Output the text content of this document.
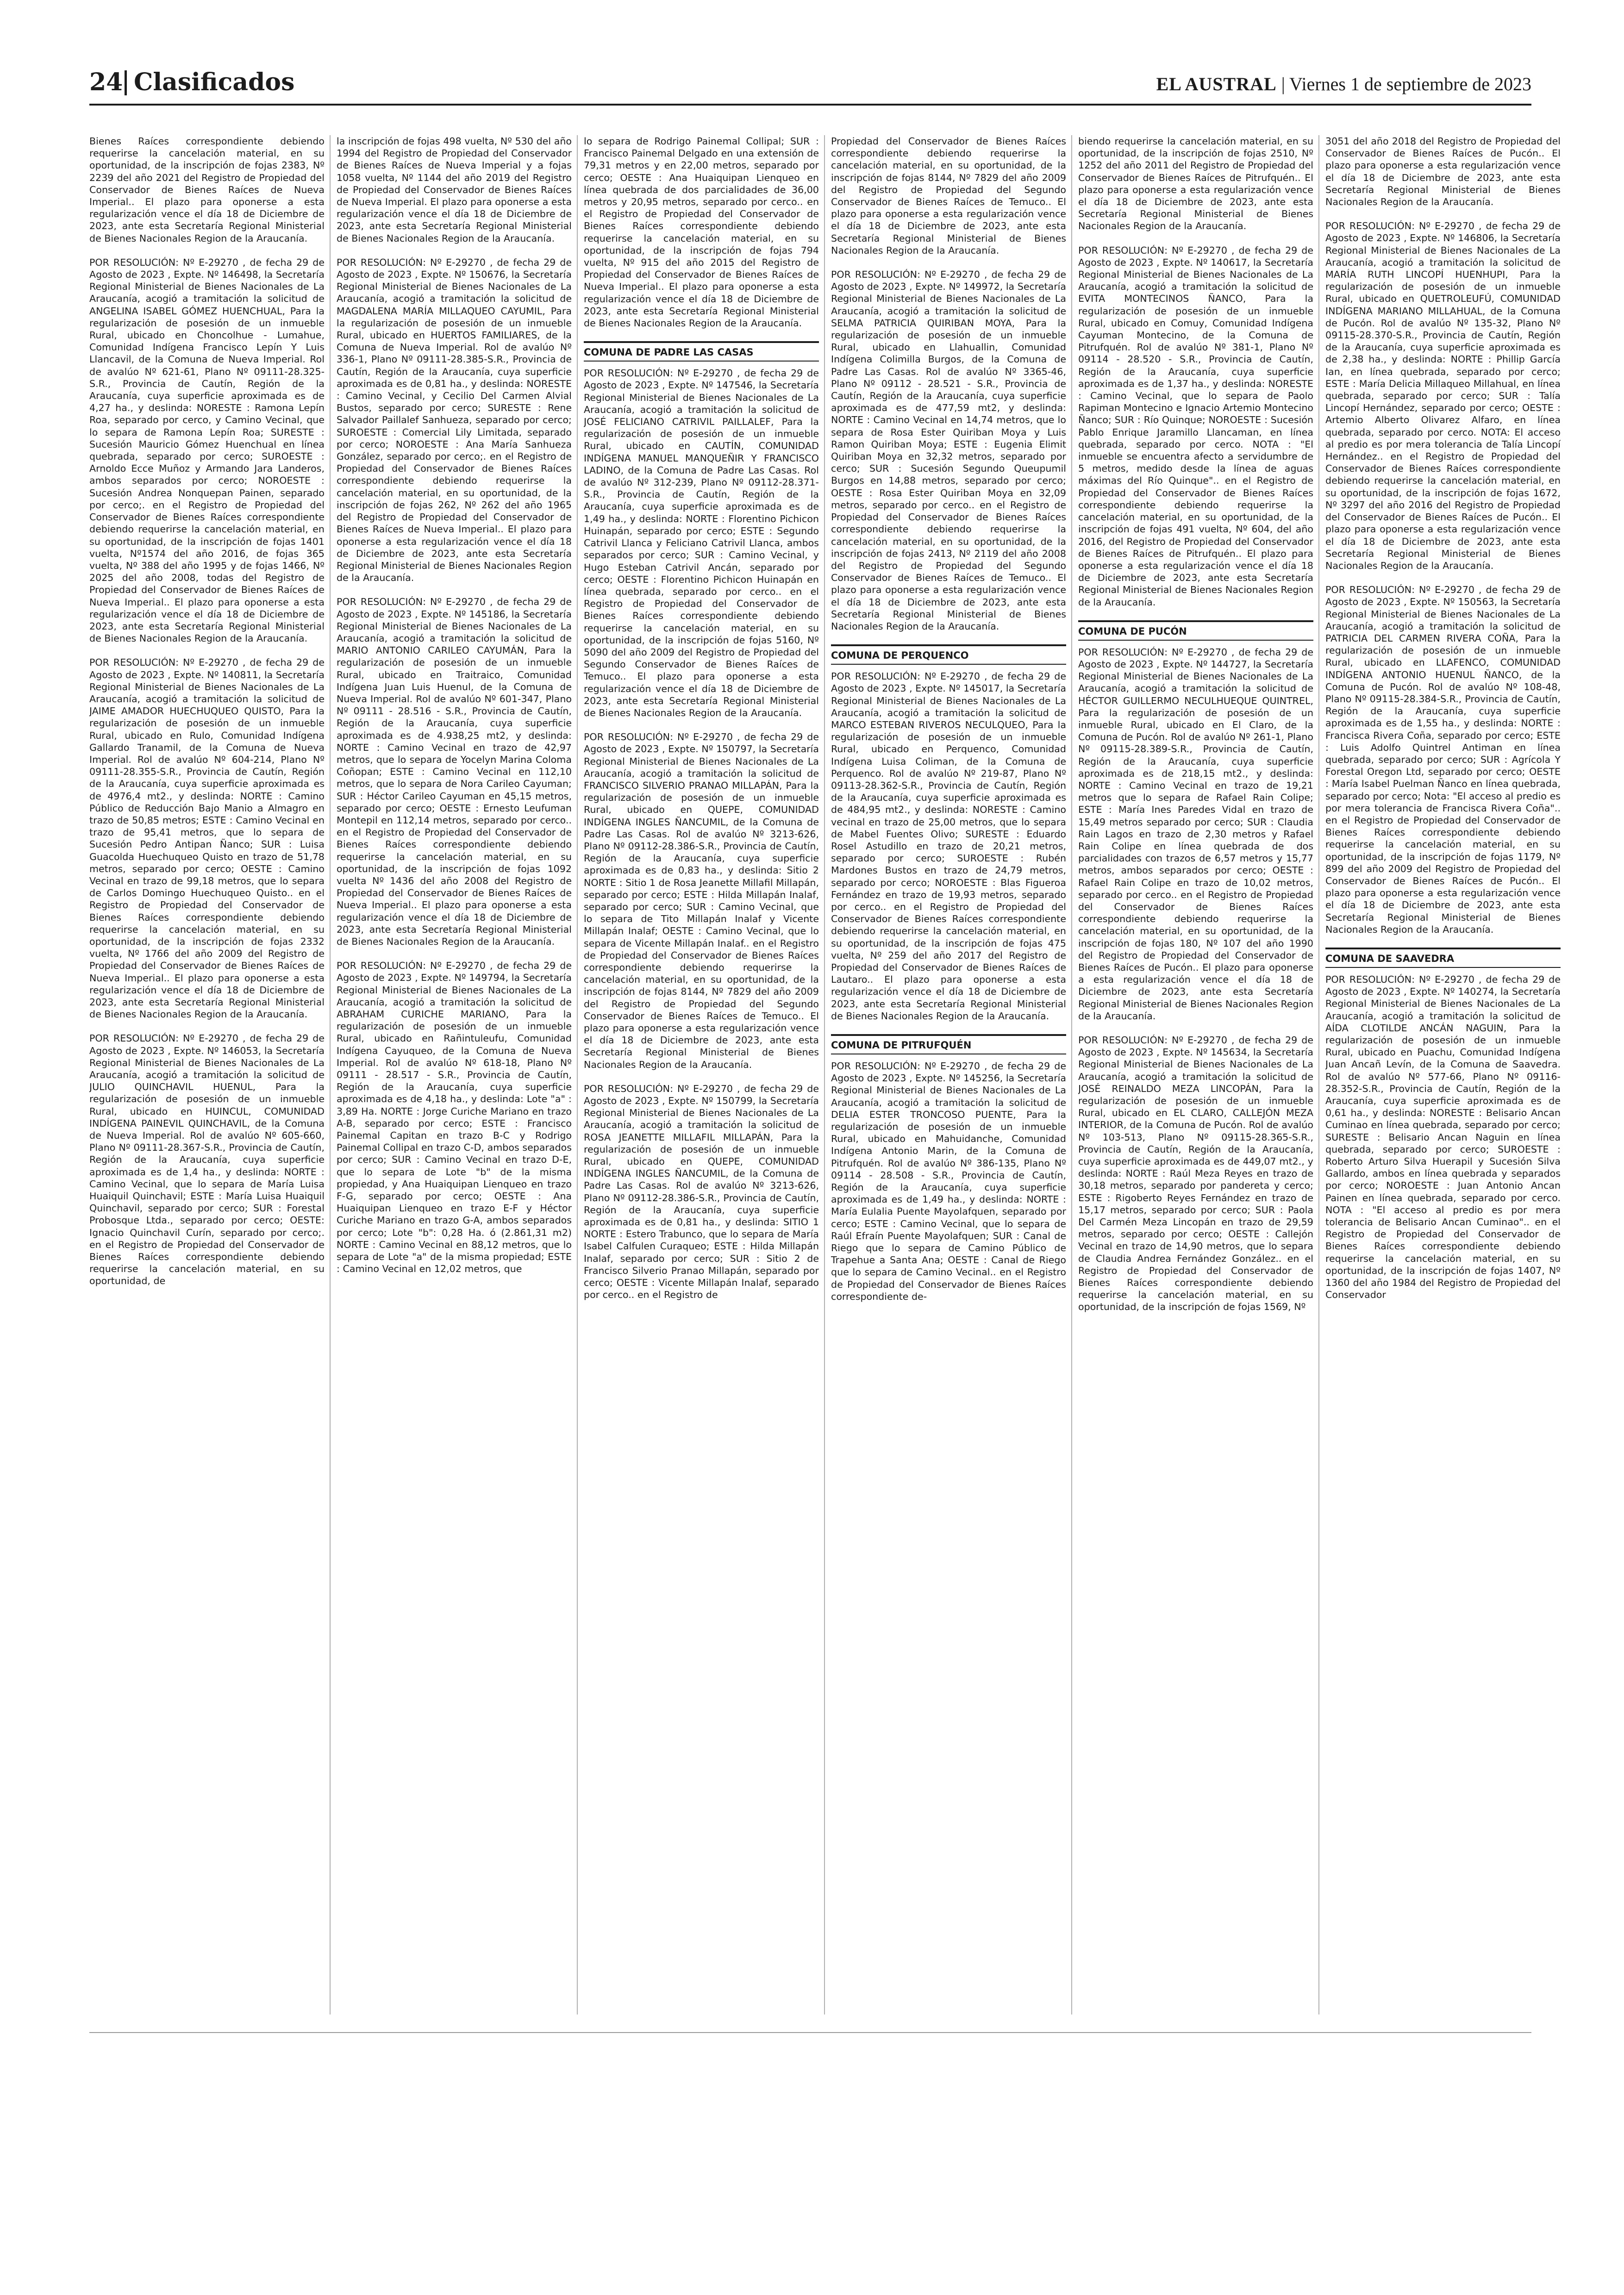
24 Clasificados	EL AUSTRAL | Viernes 1 de septiembre de 2023

Bienes Raíces correspondiente debiendo requerirse la cancelación material, en su oportunidad, de la inscripción de fojas 2383, Nº 2239 del año 2021 del Registro de Propiedad del Conservador de Bienes Raíces de Nueva Imperial.. El plazo para oponerse a esta regularización vence el día 18 de Diciembre de 2023, ante esta Secretaría Regional Ministerial de Bienes Nacionales Region de la Araucanía.

POR RESOLUCIÓN: Nº E-29270 , de fecha 29 de Agosto de 2023 , Expte. Nº 146498, la Secretaría Regional Ministerial de Bienes Nacionales de La Araucanía, acogió a tramitación la solicitud de ANGELINA ISABEL GÓMEZ HUENCHUAL, Para la regularización de posesión de un inmueble Rural, ubicado en Choncolhue - Lumahue, Comunidad Indígena Francisco Lepín Y Luis Llancavil, de la Comuna de Nueva Imperial. Rol de avalúo Nº 621-61, Plano Nº 09111-28.325-S.R., Provincia de Cautín, Región de la Araucanía, cuya superficie aproximada es de 4,27 ha., y deslinda: NORESTE : Ramona Lepín Roa, separado por cerco, y Camino Vecinal, que lo separa de Ramona Lepín Roa; SURESTE : Sucesión Mauricio Gómez Huenchual en línea quebrada, separado por cerco; SUROESTE : Arnoldo Ecce Muñoz y Armando Jara Landeros, ambos separados por cerco; NOROESTE : Sucesión Andrea Nonquepan Painen, separado por cerco;. en el Registro de Propiedad del Conservador de Bienes Raíces correspondiente debiendo requerirse la cancelación material, en su oportunidad, de la inscripción de fojas 1401 vuelta, Nº1574 del año 2016, de fojas 365 vuelta, Nº 388 del año 1995 y de fojas 1466, Nº 2025 del año 2008, todas del Registro de Propiedad del Conservador de Bienes Raíces de Nueva Imperial.. El plazo para oponerse a esta regularización vence el día 18 de Diciembre de 2023, ante esta Secretaría Regional Ministerial de Bienes Nacionales Region de la Araucanía.

POR RESOLUCIÓN: Nº E-29270 , de fecha 29 de Agosto de 2023 , Expte. Nº 140811, la Secretaría Regional Ministerial de Bienes Nacionales de La Araucanía, acogió a tramitación la solicitud de JAIME AMADOR HUECHUQUEO QUISTO, Para la regularización de posesión de un inmueble Rural, ubicado en Rulo, Comunidad Indígena Gallardo Tranamil, de la Comuna de Nueva Imperial. Rol de avalúo Nº 604-214, Plano Nº 09111-28.355-S.R., Provincia de Cautín, Región de la Araucanía, cuya superficie aproximada es de 4976,4 mt2., y deslinda: NORTE : Camino Público de Reducción Bajo Manio a Almagro en trazo de 50,85 metros; ESTE : Camino Vecinal en trazo de 95,41 metros, que lo separa de Sucesión Pedro Antipan Ñanco; SUR : Luisa Guacolda Huechuqueo Quisto en trazo de 51,78 metros, separado por cerco; OESTE : Camino Vecinal en trazo de 99,18 metros, que lo separa de Carlos Domingo Huechuqueo Quisto.. en el Registro de Propiedad del Conservador de Bienes Raíces correspondiente debiendo requerirse la cancelación material, en su oportunidad, de la inscripción de fojas 2332 vuelta, Nº 1766 del año 2009 del Registro de Propiedad del Conservador de Bienes Raíces de Nueva Imperial.. El plazo para oponerse a esta regularización vence el día 18 de Diciembre de 2023, ante esta Secretaría Regional Ministerial de Bienes Nacionales Region de la Araucanía.

POR RESOLUCIÓN: Nº E-29270 , de fecha 29 de Agosto de 2023 , Expte. Nº 146053, la Secretaría Regional Ministerial de Bienes Nacionales de La Araucanía, acogió a tramitación la solicitud de JULIO QUINCHAVIL HUENUL, Para la regularización de posesión de un inmueble Rural, ubicado en HUINCUL, COMUNIDAD INDÍGENA PAINEVIL QUINCHAVIL, de la Comuna de Nueva Imperial. Rol de avalúo Nº 605-660, Plano Nº 09111-28.367-S.R., Provincia de Cautín, Región de la Araucanía, cuya superficie aproximada es de 1,4 ha., y deslinda: NORTE : Camino Vecinal, que lo separa de María Luisa Huaiquil Quinchavil; ESTE : María Luisa Huaiquil Quinchavil, separado por cerco; SUR : Forestal Probosque Ltda., separado por cerco; OESTE: Ignacio Quinchavil Curín, separado por cerco;. en el Registro de Propiedad del Conservador de Bienes Raíces correspondiente debiendo requerirse la cancelación material, en su oportunidad, de

la inscripción de fojas 498 vuelta, Nº 530 del año 1994 del Registro de Propiedad del Conservador de Bienes Raíces de Nueva Imperial y a fojas 1058 vuelta, Nº 1144 del año 2019 del Registro de Propiedad del Conservador de Bienes Raíces de Nueva Imperial. El plazo para oponerse a esta regularización vence el día 18 de Diciembre de 2023, ante esta Secretaría Regional Ministerial de Bienes Nacionales Region de la Araucanía.

POR RESOLUCIÓN: Nº E-29270 , de fecha 29 de Agosto de 2023 , Expte. Nº 150676, la Secretaría Regional Ministerial de Bienes Nacionales de La Araucanía, acogió a tramitación la solicitud de MAGDALENA MARÍA MILLAQUEO CAYUMIL, Para la regularización de posesión de un inmueble Rural, ubicado en HUERTOS FAMILIARES, de la Comuna de Nueva Imperial. Rol de avalúo Nº 336-1, Plano Nº 09111-28.385-S.R., Provincia de Cautín, Región de la Araucanía, cuya superficie aproximada es de 0,81 ha., y deslinda: NORESTE : Camino Vecinal, y Cecilio Del Carmen Alvial Bustos, separado por cerco; SURESTE : Rene Salvador Paillalef Sanhueza, separado por cerco; SUROESTE : Comercial Lily Limitada, separado por cerco; NOROESTE : Ana María Sanhueza González, separado por cerco;. en el Registro de Propiedad del Conservador de Bienes Raíces correspondiente debiendo requerirse la cancelación material, en su oportunidad, de la inscripción de fojas 262, Nº 262 del año 1965 del Registro de Propiedad del Conservador de Bienes Raíces de Nueva Imperial.. El plazo para oponerse a esta regularización vence el día 18 de Diciembre de 2023, ante esta Secretaría Regional Ministerial de Bienes Nacionales Region de la Araucanía.

POR RESOLUCIÓN: Nº E-29270 , de fecha 29 de Agosto de 2023 , Expte. Nº 145186, la Secretaría Regional Ministerial de Bienes Nacionales de La Araucanía, acogió a tramitación la solicitud de MARIO ANTONIO CARILEO CAYUMÁN, Para la regularización de posesión de un inmueble Rural, ubicado en Traitraico, Comunidad Indígena Juan Luis Huenul, de la Comuna de Nueva Imperial. Rol de avalúo Nº 601-347, Plano Nº 09111 - 28.516 - S.R., Provincia de Cautín, Región de la Araucanía, cuya superficie aproximada es de 4.938,25 mt2, y deslinda: NORTE : Camino Vecinal en trazo de 42,97 metros, que lo separa de Yocelyn Marina Coloma Coñopan; ESTE : Camino Vecinal en 112,10 metros, que lo separa de Nora Carileo Cayuman; SUR : Héctor Carileo Cayuman en 45,15 metros, separado por cerco; OESTE : Ernesto Leufuman Montepil en 112,14 metros, separado por cerco.. en el Registro de Propiedad del Conservador de Bienes Raíces correspondiente debiendo requerirse la cancelación material, en su oportunidad, de la inscripción de fojas 1092 vuelta Nº 1436 del año 2008 del Registro de Propiedad del Conservador de Bienes Raíces de Nueva Imperial.. El plazo para oponerse a esta regularización vence el día 18 de Diciembre de 2023, ante esta Secretaría Regional Ministerial de Bienes Nacionales Region de la Araucanía.

POR RESOLUCIÓN: Nº E-29270 , de fecha 29 de Agosto de 2023 , Expte. Nº 149794, la Secretaría Regional Ministerial de Bienes Nacionales de La Araucanía, acogió a tramitación la solicitud de ABRAHAM CURICHE MARIANO, Para la regularización de posesión de un inmueble Rural, ubicado en Rañintuleufu, Comunidad Indígena Cayuqueo, de la Comuna de Nueva Imperial. Rol de avalúo Nº 618-18, Plano Nº 09111 - 28.517 - S.R., Provincia de Cautín, Región de la Araucanía, cuya superficie aproximada es de 4,18 ha., y deslinda: Lote "a" : 3,89 Ha. NORTE : Jorge Curiche Mariano en trazo A-B, separado por cerco; ESTE : Francisco Painemal Capitan en trazo B-C y Rodrigo Painemal Collipal en trazo C-D, ambos separados por cerco; SUR : Camino Vecinal en trazo D-E, que lo separa de Lote "b" de la misma propiedad, y Ana Huaiquipan Lienqueo en trazo F-G, separado por cerco; OESTE : Ana Huaiquipan Lienqueo en trazo E-F y Héctor Curiche Mariano en trazo G-A, ambos separados por cerco; Lote "b": 0,28 Ha. ó (2.861,31 m2) NORTE : Camino Vecinal en 88,12 metros, que lo separa de Lote "a" de la misma propiedad; ESTE : Camino Vecinal en 12,02 metros, que

lo separa de Rodrigo Painemal Collipal; SUR : Francisco Painemal Delgado en una extensión de 79,31 metros y en 22,00 metros, separado por cerco; OESTE : Ana Huaiquipan Lienqueo en línea quebrada de dos parcialidades de 36,00 metros y 20,95 metros, separado por cerco.. en el Registro de Propiedad del Conservador de Bienes Raíces correspondiente debiendo requerirse la cancelación material, en su oportunidad, de la inscripción de fojas 794 vuelta, Nº 915 del año 2015 del Registro de Propiedad del Conservador de Bienes Raíces de Nueva Imperial.. El plazo para oponerse a esta regularización vence el día 18 de Diciembre de 2023, ante esta Secretaría Regional Ministerial de Bienes Nacionales Region de la Araucanía.

COMUNA DE PADRE LAS CASAS

POR RESOLUCIÓN: Nº E-29270 , de fecha 29 de Agosto de 2023 , Expte. Nº 147546, la Secretaría Regional Ministerial de Bienes Nacionales de La Araucanía, acogió a tramitación la solicitud de JOSÉ FELICIANO CATRIVIL PAILLALEF, Para la regularización de posesión de un inmueble Rural, ubicado en CAUTÍN, COMUNIDAD INDÍGENA MANUEL MANQUEÑIR Y FRANCISCO LADINO, de la Comuna de Padre Las Casas. Rol de avalúo Nº 312-239, Plano Nº 09112-28.371-S.R., Provincia de Cautín, Región de la Araucanía, cuya superficie aproximada es de 1,49 ha., y deslinda: NORTE : Florentino Pichicon Huinapán, separado por cerco; ESTE : Segundo Catrivil Llanca y Feliciano Catrivil Llanca, ambos separados por cerco; SUR : Camino Vecinal, y Hugo Esteban Catrivil Ancán, separado por cerco; OESTE : Florentino Pichicon Huinapán en línea quebrada, separado por cerco.. en el Registro de Propiedad del Conservador de Bienes Raíces correspondiente debiendo requerirse la cancelación material, en su oportunidad, de la inscripción de fojas 5160, Nº 5090 del año 2009 del Registro de Propiedad del Segundo Conservador de Bienes Raíces de Temuco.. El plazo para oponerse a esta regularización vence el día 18 de Diciembre de 2023, ante esta Secretaría Regional Ministerial de Bienes Nacionales Region de la Araucanía.

POR RESOLUCIÓN: Nº E-29270 , de fecha 29 de Agosto de 2023 , Expte. Nº 150797, la Secretaría Regional Ministerial de Bienes Nacionales de La Araucanía, acogió a tramitación la solicitud de FRANCISCO SILVERIO PRANAO MILLAPÁN, Para la regularización de posesión de un inmueble Rural, ubicado en QUEPE, COMUNIDAD INDÍGENA INGLES ÑANCUMIL, de la Comuna de Padre Las Casas. Rol de avalúo Nº 3213-626, Plano Nº 09112-28.386-S.R., Provincia de Cautín, Región de la Araucanía, cuya superficie aproximada es de 0,83 ha., y deslinda: Sitio 2 NORTE : Sitio 1 de Rosa Jeanette Millafil Millapán, separado por cerco; ESTE : Hilda Millapán Inalaf, separado por cerco; SUR : Camino Vecinal, que lo separa de Tito Millapán Inalaf y Vicente Millapán Inalaf; OESTE : Camino Vecinal, que lo separa de Vicente Millapán Inalaf.. en el Registro de Propiedad del Conservador de Bienes Raíces correspondiente debiendo requerirse la cancelación material, en su oportunidad, de la inscripción de fojas 8144, Nº 7829 del año 2009 del Registro de Propiedad del Segundo Conservador de Bienes Raíces de Temuco.. El plazo para oponerse a esta regularización vence el día 18 de Diciembre de 2023, ante esta Secretaría Regional Ministerial de Bienes Nacionales Region de la Araucanía.

POR RESOLUCIÓN: Nº E-29270 , de fecha 29 de Agosto de 2023 , Expte. Nº 150799, la Secretaría Regional Ministerial de Bienes Nacionales de La Araucanía, acogió a tramitación la solicitud de ROSA JEANETTE MILLAFIL MILLAPÁN, Para la regularización de posesión de un inmueble Rural, ubicado en QUEPE, COMUNIDAD INDÍGENA INGLES ÑANCUMIL, de la Comuna de Padre Las Casas. Rol de avalúo Nº 3213-626, Plano Nº 09112-28.386-S.R., Provincia de Cautín, Región de la Araucanía, cuya superficie aproximada es de 0,81 ha., y deslinda: SITIO 1 NORTE : Estero Trabunco, que lo separa de María Isabel Calfulen Curaqueo; ESTE : Hilda Millapán Inalaf, separado por cerco; SUR : Sitio 2 de Francisco Silverio Pranao Millapán, separado por cerco; OESTE : Vicente Millapán Inalaf, separado por cerco.. en el Registro de

Propiedad del Conservador de Bienes Raíces correspondiente debiendo requerirse la cancelación material, en su oportunidad, de la inscripción de fojas 8144, Nº 7829 del año 2009 del Registro de Propiedad del Segundo Conservador de Bienes Raíces de Temuco.. El plazo para oponerse a esta regularización vence el día 18 de Diciembre de 2023, ante esta Secretaría Regional Ministerial de Bienes Nacionales Region de la Araucanía.

POR RESOLUCIÓN: Nº E-29270 , de fecha 29 de Agosto de 2023 , Expte. Nº 149972, la Secretaría Regional Ministerial de Bienes Nacionales de La Araucanía, acogió a tramitación la solicitud de SELMA PATRICIA QUIRIBAN MOYA, Para la regularización de posesión de un inmueble Rural, ubicado en Llahuallin, Comunidad Indígena Colimilla Burgos, de la Comuna de Padre Las Casas. Rol de avalúo Nº 3365-46, Plano Nº 09112 - 28.521 - S.R., Provincia de Cautín, Región de la Araucanía, cuya superficie aproximada es de 477,59 mt2, y deslinda: NORTE : Camino Vecinal en 14,74 metros, que lo separa de Rosa Ester Quiriban Moya y Luis Ramon Quiriban Moya; ESTE : Eugenia Elimit Quiriban Moya en 32,32 metros, separado por cerco; SUR : Sucesión Segundo Queupumil Burgos en 14,88 metros, separado por cerco; OESTE : Rosa Ester Quiriban Moya en 32,09 metros, separado por cerco.. en el Registro de Propiedad del Conservador de Bienes Raíces correspondiente debiendo requerirse la cancelación material, en su oportunidad, de la inscripción de fojas 2413, Nº 2119 del año 2008 del Registro de Propiedad del Segundo Conservador de Bienes Raíces de Temuco.. El plazo para oponerse a esta regularización vence el día 18 de Diciembre de 2023, ante esta Secretaría Regional Ministerial de Bienes Nacionales Region de la Araucanía.

COMUNA DE PERQUENCO

POR RESOLUCIÓN: Nº E-29270 , de fecha 29 de Agosto de 2023 , Expte. Nº 145017, la Secretaría Regional Ministerial de Bienes Nacionales de La Araucanía, acogió a tramitación la solicitud de MARCO ESTEBAN RIVEROS NECULQUEO, Para la regularización de posesión de un inmueble Rural, ubicado en Perquenco, Comunidad Indígena Luisa Coliman, de la Comuna de Perquenco. Rol de avalúo Nº 219-87, Plano Nº 09113-28.362-S.R., Provincia de Cautín, Región de la Araucanía, cuya superficie aproximada es de 484,95 mt2., y deslinda: NORESTE : Camino vecinal en trazo de 25,00 metros, que lo separa de Mabel Fuentes Olivo; SURESTE : Eduardo Rosel Astudillo en trazo de 20,21 metros, separado por cerco; SUROESTE : Rubén Mardones Bustos en trazo de 24,79 metros, separado por cerco; NOROESTE : Blas Figueroa Fernández en trazo de 19,93 metros, separado por cerco.. en el Registro de Propiedad del Conservador de Bienes Raíces correspondiente debiendo requerirse la cancelación material, en su oportunidad, de la inscripción de fojas 475 vuelta, Nº 259 del año 2017 del Registro de Propiedad del Conservador de Bienes Raíces de Lautaro.. El plazo para oponerse a esta regularización vence el día 18 de Diciembre de 2023, ante esta Secretaría Regional Ministerial de Bienes Nacionales Region de la Araucanía.

COMUNA DE PITRUFQUÉN

POR RESOLUCIÓN: Nº E-29270 , de fecha 29 de Agosto de 2023 , Expte. Nº 145256, la Secretaría Regional Ministerial de Bienes Nacionales de La Araucanía, acogió a tramitación la solicitud de DELIA ESTER TRONCOSO PUENTE, Para la regularización de posesión de un inmueble Rural, ubicado en Mahuidanche, Comunidad Indígena Antonio Marin, de la Comuna de Pitrufquén. Rol de avalúo Nº 386-135, Plano Nº 09114 - 28.508 - S.R., Provincia de Cautín, Región de la Araucanía, cuya superficie aproximada es de 1,49 ha., y deslinda: NORTE : María Eulalia Puente Mayolafquen, separado por cerco; ESTE : Camino Vecinal, que lo separa de Raúl Efraín Puente Mayolafquen; SUR : Canal de Riego que lo separa de Camino Público de Trapehue a Santa Ana; OESTE : Canal de Riego que lo separa de Camino Vecinal.. en el Registro de Propiedad del Conservador de Bienes Raíces correspondiente de-

biendo requerirse la cancelación material, en su oportunidad, de la inscripción de fojas 2510, Nº 1252 del año 2011 del Registro de Propiedad del Conservador de Bienes Raíces de Pitrufquén.. El plazo para oponerse a esta regularización vence el día 18 de Diciembre de 2023, ante esta Secretaría Regional Ministerial de Bienes Nacionales Region de la Araucanía.

POR RESOLUCIÓN: Nº E-29270 , de fecha 29 de Agosto de 2023 , Expte. Nº 140617, la Secretaría Regional Ministerial de Bienes Nacionales de La Araucanía, acogió a tramitación la solicitud de EVITA MONTECINOS ÑANCO, Para la regularización de posesión de un inmueble Rural, ubicado en Comuy, Comunidad Indígena Cayuman Montecino, de la Comuna de Pitrufquén. Rol de avalúo Nº 381-1, Plano Nº 09114 - 28.520 - S.R., Provincia de Cautín, Región de la Araucanía, cuya superficie aproximada es de 1,37 ha., y deslinda: NORESTE : Camino Vecinal, que lo separa de Paolo Rapiman Montecino e Ignacio Artemio Montecino Ñanco; SUR : Río Quinque; NOROESTE : Sucesión Pablo Enrique Jaramillo Llancaman, en línea quebrada, separado por cerco. NOTA : "El inmueble se encuentra afecto a servidumbre de 5 metros, medido desde la línea de aguas máximas del Río Quinque".. en el Registro de Propiedad del Conservador de Bienes Raíces correspondiente debiendo requerirse la cancelación material, en su oportunidad, de la inscripción de fojas 491 vuelta, Nº 604, del año 2016, del Registro de Propiedad del Conservador de Bienes Raíces de Pitrufquén.. El plazo para oponerse a esta regularización vence el día 18 de Diciembre de 2023, ante esta Secretaría Regional Ministerial de Bienes Nacionales Region de la Araucanía.

COMUNA DE PUCÓN

POR RESOLUCIÓN: Nº E-29270 , de fecha 29 de Agosto de 2023 , Expte. Nº 144727, la Secretaría Regional Ministerial de Bienes Nacionales de La Araucanía, acogió a tramitación la solicitud de HÉCTOR GUILLERMO NECULHUEQUE QUINTREL, Para la regularización de posesión de un inmueble Rural, ubicado en El Claro, de la Comuna de Pucón. Rol de avalúo Nº 261-1, Plano Nº 09115-28.389-S.R., Provincia de Cautín, Región de la Araucanía, cuya superficie aproximada es de 218,15 mt2., y deslinda: NORTE : Camino Vecinal en trazo de 19,21 metros que lo separa de Rafael Rain Colipe; ESTE : María Ines Paredes Vidal en trazo de 15,49 metros separado por cerco; SUR : Claudia Rain Lagos en trazo de 2,30 metros y Rafael Rain Colipe en línea quebrada de dos parcialidades con trazos de 6,57 metros y 15,77 metros, ambos separados por cerco; OESTE : Rafael Rain Colipe en trazo de 10,02 metros, separado por cerco.. en el Registro de Propiedad del Conservador de Bienes Raíces correspondiente debiendo requerirse la cancelación material, en su oportunidad, de la inscripción de fojas 180, Nº 107 del año 1990 del Registro de Propiedad del Conservador de Bienes Raíces de Pucón.. El plazo para oponerse a esta regularización vence el día 18 de Diciembre de 2023, ante esta Secretaría Regional Ministerial de Bienes Nacionales Region de la Araucanía.

POR RESOLUCIÓN: Nº E-29270 , de fecha 29 de Agosto de 2023 , Expte. Nº 145634, la Secretaría Regional Ministerial de Bienes Nacionales de La Araucanía, acogió a tramitación la solicitud de JOSÉ REINALDO MEZA LINCOPÁN, Para la regularización de posesión de un inmueble Rural, ubicado en EL CLARO, CALLEJÓN MEZA INTERIOR, de la Comuna de Pucón. Rol de avalúo Nº 103-513, Plano Nº 09115-28.365-S.R., Provincia de Cautín, Región de la Araucanía, cuya superficie aproximada es de 449,07 mt2., y deslinda: NORTE : Raúl Meza Reyes en trazo de 30,18 metros, separado por pandereta y cerco; ESTE : Rigoberto Reyes Fernández en trazo de 15,17 metros, separado por cerco; SUR : Paola Del Carmén Meza Lincopán en trazo de 29,59 metros, separado por cerco; OESTE : Callejón Vecinal en trazo de 14,90 metros, que lo separa de Claudia Andrea Fernández González.. en el Registro de Propiedad del Conservador de Bienes Raíces correspondiente debiendo requerirse la cancelación material, en su oportunidad, de la inscripción de fojas 1569, Nº

3051 del año 2018 del Registro de Propiedad del Conservador de Bienes Raíces de Pucón.. El plazo para oponerse a esta regularización vence el día 18 de Diciembre de 2023, ante esta Secretaría Regional Ministerial de Bienes Nacionales Region de la Araucanía.

POR RESOLUCIÓN: Nº E-29270 , de fecha 29 de Agosto de 2023 , Expte. Nº 146806, la Secretaría Regional Ministerial de Bienes Nacionales de La Araucanía, acogió a tramitación la solicitud de MARÍA RUTH LINCOPÍ HUENHUPI, Para la regularización de posesión de un inmueble Rural, ubicado en QUETROLEUFÚ, COMUNIDAD INDÍGENA MARIANO MILLAHUAL, de la Comuna de Pucón. Rol de avalúo Nº 135-32, Plano Nº 09115-28.370-S.R., Provincia de Cautín, Región de la Araucanía, cuya superficie aproximada es de 2,38 ha., y deslinda: NORTE : Phillip García Ian, en línea quebrada, separado por cerco; ESTE : María Delicia Millaqueo Millahual, en línea quebrada, separado por cerco; SUR : Talía Lincopí Hernández, separado por cerco; OESTE : Artemio Alberto Olivarez Alfaro, en línea quebrada, separado por cerco. NOTA: El acceso al predio es por mera tolerancia de Talía Lincopí Hernández.. en el Registro de Propiedad del Conservador de Bienes Raíces correspondiente debiendo requerirse la cancelación material, en su oportunidad, de la inscripción de fojas 1672, Nº 3297 del año 2016 del Registro de Propiedad del Conservador de Bienes Raíces de Pucón.. El plazo para oponerse a esta regularización vence el día 18 de Diciembre de 2023, ante esta Secretaría Regional Ministerial de Bienes Nacionales Region de la Araucanía.

POR RESOLUCIÓN: Nº E-29270 , de fecha 29 de Agosto de 2023 , Expte. Nº 150563, la Secretaría Regional Ministerial de Bienes Nacionales de La Araucanía, acogió a tramitación la solicitud de PATRICIA DEL CARMEN RIVERA COÑA, Para la regularización de posesión de un inmueble Rural, ubicado en LLAFENCO, COMUNIDAD INDÍGENA ANTONIO HUENUL ÑANCO, de la Comuna de Pucón. Rol de avalúo Nº 108-48, Plano Nº 09115-28.384-S.R., Provincia de Cautín, Región de la Araucanía, cuya superficie aproximada es de 1,55 ha., y deslinda: NORTE : Francisca Rivera Coña, separado por cerco; ESTE : Luis Adolfo Quintrel Antiman en línea quebrada, separado por cerco; SUR : Agrícola Y Forestal Oregon Ltd, separado por cerco; OESTE : María Isabel Puelman Ñanco en línea quebrada, separado por cerco; Nota: "El acceso al predio es por mera tolerancia de Francisca Rivera Coña".. en el Registro de Propiedad del Conservador de Bienes Raíces correspondiente debiendo requerirse la cancelación material, en su oportunidad, de la inscripción de fojas 1179, Nº 899 del año 2009 del Registro de Propiedad del Conservador de Bienes Raíces de Pucón.. El plazo para oponerse a esta regularización vence el día 18 de Diciembre de 2023, ante esta Secretaría Regional Ministerial de Bienes Nacionales Region de la Araucanía.

COMUNA DE SAAVEDRA

POR RESOLUCIÓN: Nº E-29270 , de fecha 29 de Agosto de 2023 , Expte. Nº 140274, la Secretaría Regional Ministerial de Bienes Nacionales de La Araucanía, acogió a tramitación la solicitud de AÍDA CLOTILDE ANCÁN NAGUIN, Para la regularización de posesión de un inmueble Rural, ubicado en Puachu, Comunidad Indígena Juan Ancañ Levín, de la Comuna de Saavedra. Rol de avalúo Nº 577-66, Plano Nº 09116-28.352-S.R., Provincia de Cautín, Región de la Araucanía, cuya superficie aproximada es de 0,61 ha., y deslinda: NORESTE : Belisario Ancan Cuminao en línea quebrada, separado por cerco; SURESTE : Belisario Ancan Naguin en línea quebrada, separado por cerco; SUROESTE : Roberto Arturo Silva Huerapil y Sucesión Silva Gallardo, ambos en línea quebrada y separados por cerco; NOROESTE : Juan Antonio Ancan Painen en línea quebrada, separado por cerco. NOTA : "El acceso al predio es por mera tolerancia de Belisario Ancan Cuminao".. en el Registro de Propiedad del Conservador de Bienes Raíces correspondiente debiendo requerirse la cancelación material, en su oportunidad, de la inscripción de fojas 1407, Nº 1360 del año 1984 del Registro de Propiedad del Conservador
